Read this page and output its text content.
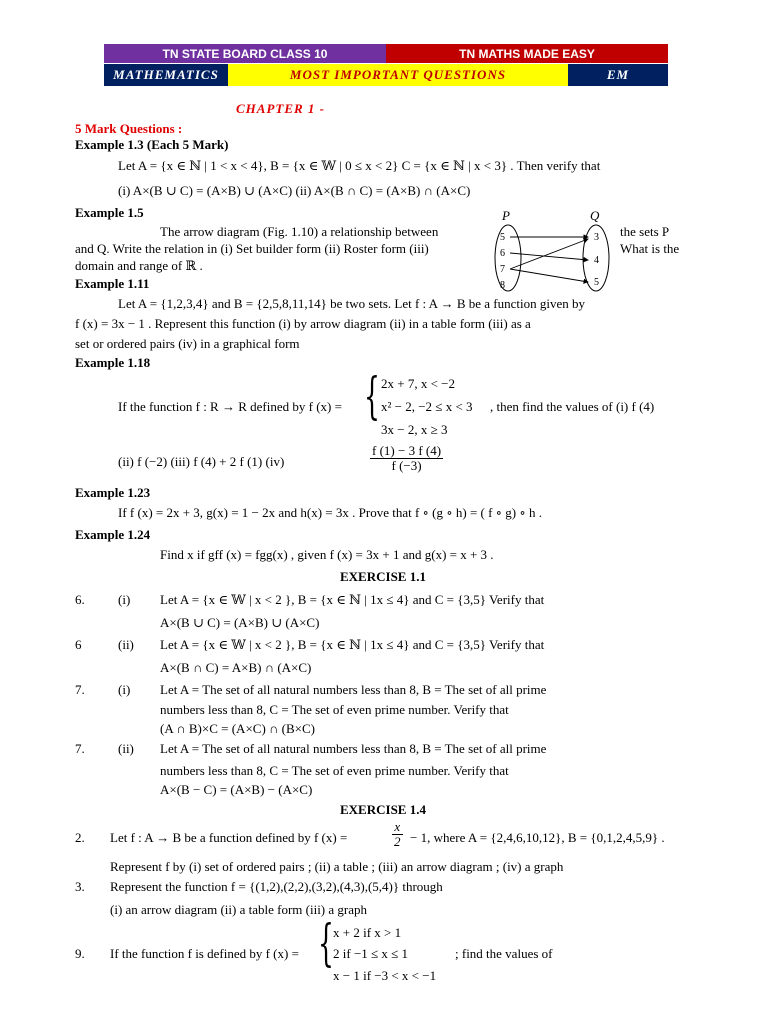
TN STATE BOARD CLASS 10	TN MATHS MADE EASY
MATHEMATICS	MOST IMPORTANT QUESTIONS	EM
CHAPTER 1 -
5 Mark Questions :
Example 1.3 (Each 5 Mark)
Let A = {x ∈ ℕ | 1 < x < 4}, B = {x ∈ 𝕎 | 0 ≤ x < 2} C = {x ∈ ℕ | x < 3} . Then verify that
(i) A×(B ∪ C) = (A×B) ∪ (A×C) (ii) A×(B ∩ C) = (A×B) ∩ (A×C)
Example 1.5
The arrow diagram (Fig. 1.10) a relationship between	the sets P
and Q. Write the relation in (i) Set builder form (ii) Roster form (iii)	What is the
domain and range of ℝ .
P	Q
5
6
7
8
3
4
5
Example 1.11
Let A = {1,2,3,4} and B = {2,5,8,11,14} be two sets. Let f : A → B be a function given by
f (x) = 3x − 1 . Represent this function (i) by arrow diagram (ii) in a table form (iii) as a
set or ordered pairs (iv) in a graphical form
Example 1.18
If the function f : R → R defined by f (x) = { 2x + 7, x < −2
x² − 2, −2 ≤ x < 3
3x − 2, x ≥ 3
, then find the values of (i) f (4)
(ii) f (−2) (iii) f (4) + 2 f (1) (iv)	$\frac{f (1) - 3 f (4)}{f (-3)}$
Example 1.23
If f (x) = 2x + 3, g(x) = 1 − 2x and h(x) = 3x . Prove that f ∘ (g ∘ h) = ( f ∘ g) ∘ h .
Example 1.24
Find x if gff (x) = fgg(x) , given f (x) = 3x + 1 and g(x) = x + 3 .
EXERCISE 1.1
6.	(i) Let A = {x ∈ 𝕎 | x < 2 }, B = {x ∈ ℕ | 1x ≤ 4} and C = {3,5} Verify that
A×(B ∪ C) = (A×B) ∪ (A×C)
6	(ii) Let A = {x ∈ 𝕎 | x < 2 }, B = {x ∈ ℕ | 1x ≤ 4} and C = {3,5} Verify that
A×(B ∩ C) = A×B) ∩ (A×C)
7.	(i) Let A = The set of all natural numbers less than 8, B = The set of all prime
numbers less than 8, C = The set of even prime number. Verify that
(A ∩ B)×C = (A×C) ∩ (B×C)
7.	(ii) Let A = The set of all natural numbers less than 8, B = The set of all prime
numbers less than 8, C = The set of even prime number. Verify that
A×(B − C) = (A×B) − (A×C)
EXERCISE 1.4
2. Let f : A → B be a function defined by f (x) =	$\frac{x}{2} - 1$, where A = {2,4,6,10,12}, B = {0,1,2,4,5,9} .
Represent f by (i) set of ordered pairs ; (ii) a table ; (iii) an arrow diagram ; (iv) a graph
3. Represent the function f = {(1,2),(2,2),(3,2),(4,3),(5,4)} through
(i) an arrow diagram (ii) a table form (iii) a graph
9. If the function f is defined by f (x) = { x + 2 if x > 1
2 if −1 ≤ x ≤ 1
x − 1 if −3 < x < −1
; find the values of
